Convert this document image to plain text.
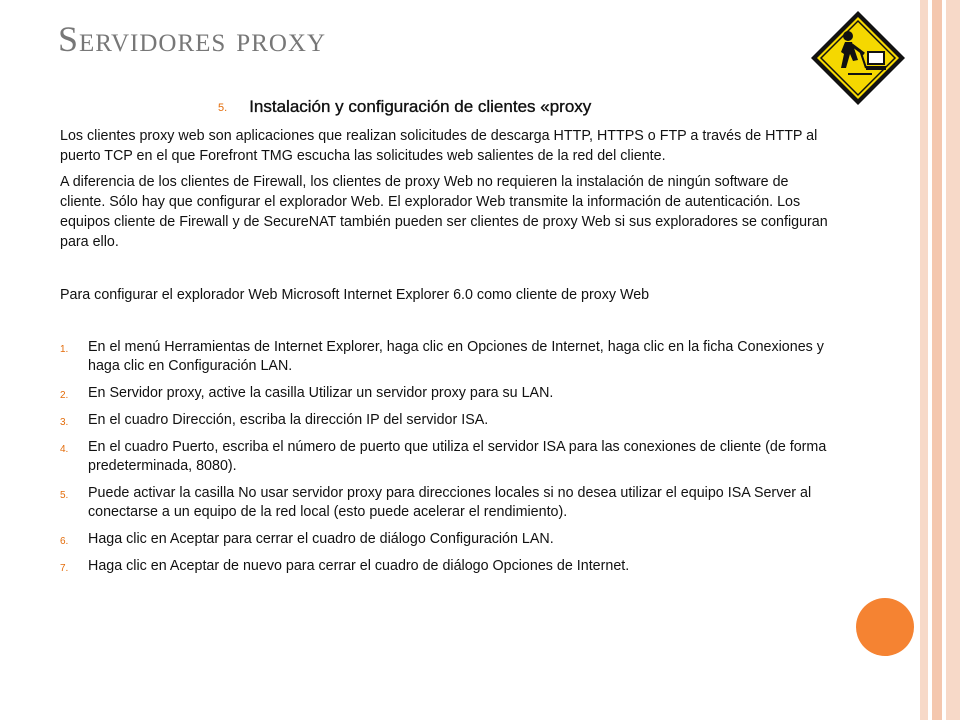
Servidores proxy
5. Instalación y configuración de clientes «proxy
Los clientes proxy web son aplicaciones que realizan solicitudes de descarga HTTP, HTTPS o FTP a través de HTTP al puerto TCP en el que Forefront TMG escucha las solicitudes web salientes de la red del cliente.
A diferencia de los clientes de Firewall, los clientes de proxy Web no requieren la instalación de ningún software de cliente. Sólo hay que configurar el explorador Web. El explorador Web transmite la información de autenticación. Los equipos cliente de Firewall y de SecureNAT también pueden ser clientes de proxy Web si sus exploradores se configuran para ello.
Para configurar el explorador Web Microsoft Internet Explorer 6.0 como cliente de proxy Web
1. En el menú Herramientas de Internet Explorer, haga clic en Opciones de Internet, haga clic en la ficha Conexiones y haga clic en Configuración LAN.
2. En Servidor proxy, active la casilla Utilizar un servidor proxy para su LAN.
3. En el cuadro Dirección, escriba la dirección IP del servidor ISA.
4. En el cuadro Puerto, escriba el número de puerto que utiliza el servidor ISA para las conexiones de cliente (de forma predeterminada, 8080).
5. Puede activar la casilla No usar servidor proxy para direcciones locales si no desea utilizar el equipo ISA Server al conectarse a un equipo de la red local (esto puede acelerar el rendimiento).
6. Haga clic en Aceptar para cerrar el cuadro de diálogo Configuración LAN.
7. Haga clic en Aceptar de nuevo para cerrar el cuadro de diálogo Opciones de Internet.
